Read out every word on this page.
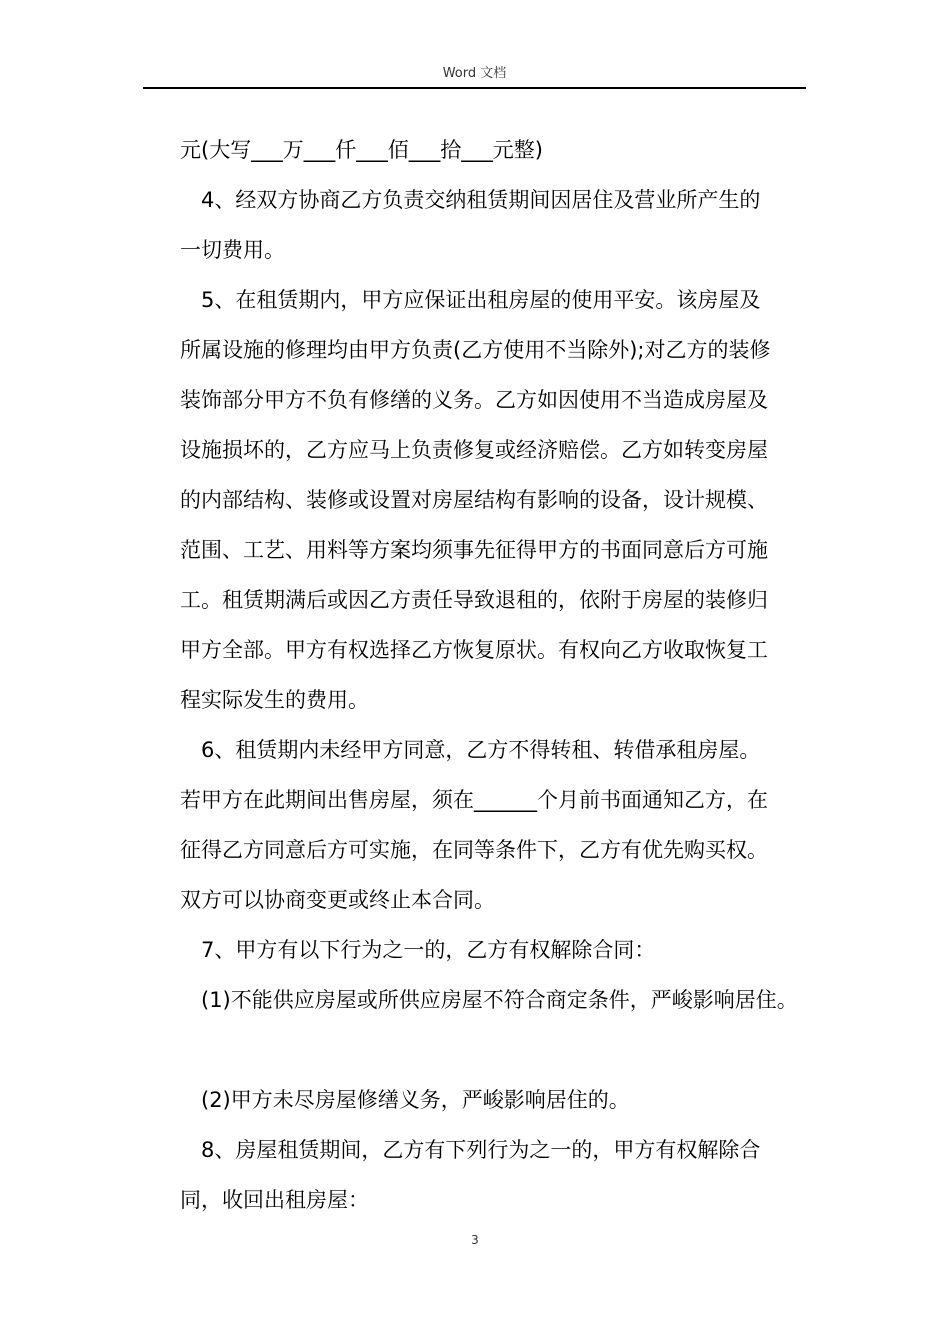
Word 文档
元(大写___万___仟___佰___拾___元整)
4、经双方协商乙方负责交纳租赁期间因居住及营业所产生的
一切费用。
5、在租赁期内，甲方应保证出租房屋的使用平安。该房屋及
所属设施的修理均由甲方负责(乙方使用不当除外);对乙方的装修
装饰部分甲方不负有修缮的义务。乙方如因使用不当造成房屋及
设施损坏的，乙方应马上负责修复或经济赔偿。乙方如转变房屋
的内部结构、装修或设置对房屋结构有影响的设备，设计规模、
范围、工艺、用料等方案均须事先征得甲方的书面同意后方可施
工。租赁期满后或因乙方责任导致退租的，依附于房屋的装修归
甲方全部。甲方有权选择乙方恢复原状。有权向乙方收取恢复工
程实际发生的费用。
6、租赁期内未经甲方同意，乙方不得转租、转借承租房屋。
若甲方在此期间出售房屋，须在______个月前书面通知乙方，在
征得乙方同意后方可实施，在同等条件下，乙方有优先购买权。
双方可以协商变更或终止本合同。
7、甲方有以下行为之一的，乙方有权解除合同：
(1)不能供应房屋或所供应房屋不符合商定条件，严峻影响居住。
(2)甲方未尽房屋修缮义务，严峻影响居住的。
8、房屋租赁期间，乙方有下列行为之一的，甲方有权解除合
同，收回出租房屋：
3
